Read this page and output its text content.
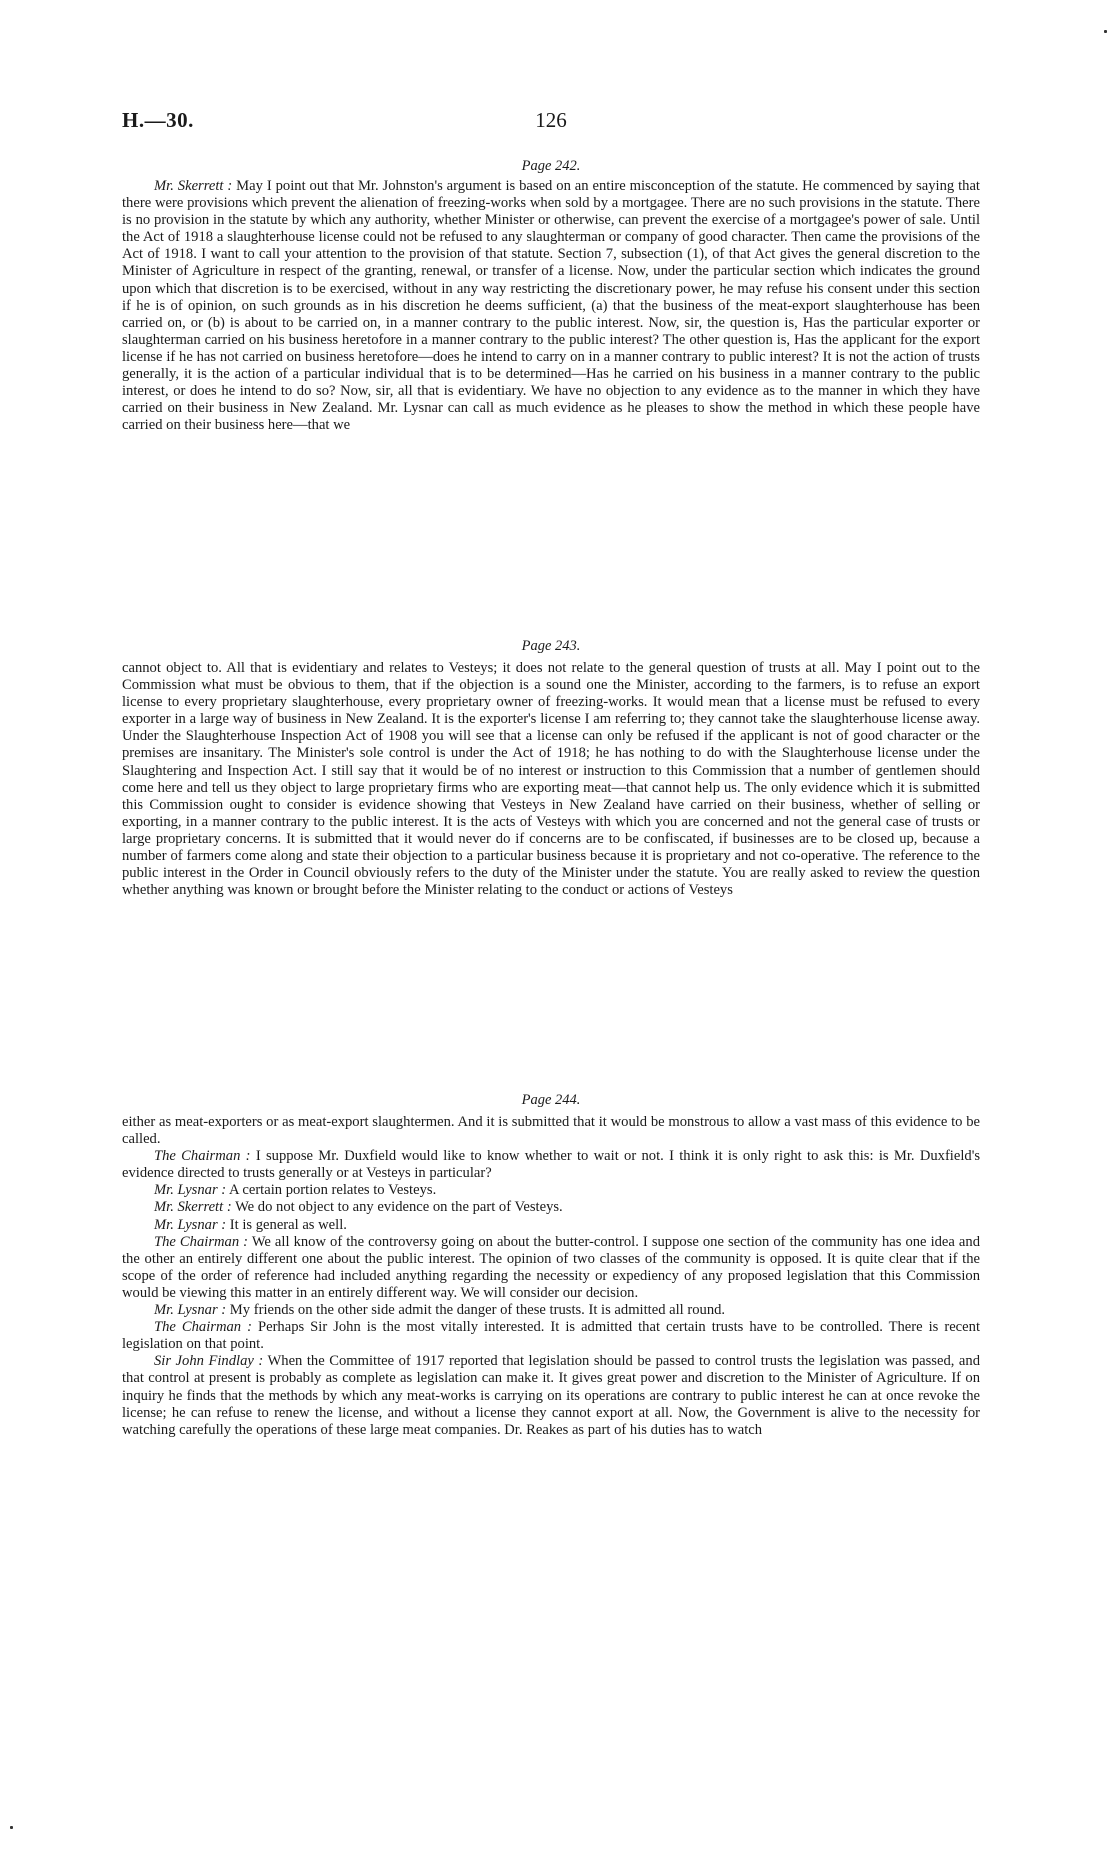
126
H.—30.
Page 242.

Mr. Skerrett : May I point out that Mr. Johnston's argument is based on an entire misconception of the statute. He commenced by saying that there were provisions which prevent the alienation of freezing-works when sold by a mortgagee. There are no such provisions in the statute. There is no provision in the statute by which any authority, whether Minister or otherwise, can prevent the exercise of a mortgagee's power of sale. Until the Act of 1918 a slaughterhouse license could not be refused to any slaughterman or company of good character. Then came the provisions of the Act of 1918. I want to call your attention to the provision of that statute. Section 7, subsection (1), of that Act gives the general discretion to the Minister of Agriculture in respect of the granting, renewal, or transfer of a license. Now, under the particular section which indicates the ground upon which that discretion is to be exercised, without in any way restricting the discretionary power, he may refuse his consent under this section if he is of opinion, on such grounds as in his discretion he deems sufficient, (a) that the business of the meat-export slaughterhouse has been carried on, or (b) is about to be carried on, in a manner contrary to the public interest. Now, sir, the question is, Has the particular exporter or slaughterman carried on his business heretofore in a manner contrary to the public interest? The other question is, Has the applicant for the export license if he has not carried on business heretofore—does he intend to carry on in a manner contrary to public interest? It is not the action of trusts generally, it is the action of a particular individual that is to be determined—Has he carried on his business in a manner contrary to the public interest, or does he intend to do so? Now, sir, all that is evidentiary. We have no objection to any evidence as to the manner in which they have carried on their business in New Zealand. Mr. Lysnar can call as much evidence as he pleases to show the method in which these people have carried on their business here—that we

Page 243.

cannot object to. All that is evidentiary and relates to Vesteys; it does not relate to the general question of trusts at all. May I point out to the Commission what must be obvious to them, that if the objection is a sound one the Minister, according to the farmers, is to refuse an export license to every proprietary slaughterhouse, every proprietary owner of freezing-works. It would mean that a license must be refused to every exporter in a large way of business in New Zealand. It is the exporter's license I am referring to; they cannot take the slaughterhouse license away. Under the Slaughterhouse Inspection Act of 1908 you will see that a license can only be refused if the applicant is not of good character or the premises are insanitary. The Minister's sole control is under the Act of 1918; he has nothing to do with the Slaughterhouse license under the Slaughtering and Inspection Act. I still say that it would be of no interest or instruction to this Commission that a number of gentlemen should come here and tell us they object to large proprietary firms who are exporting meat—that cannot help us. The only evidence which it is submitted this Commission ought to consider is evidence showing that Vesteys in New Zealand have carried on their business, whether of selling or exporting, in a manner contrary to the public interest. It is the acts of Vesteys with which you are concerned and not the general case of trusts or large proprietary concerns. It is submitted that it would never do if concerns are to be confiscated, if businesses are to be closed up, because a number of farmers come along and state their objection to a particular business because it is proprietary and not co-operative. The reference to the public interest in the Order in Council obviously refers to the duty of the Minister under the statute. You are really asked to review the question whether anything was known or brought before the Minister relating to the conduct or actions of Vesteys

Page 244.

either as meat-exporters or as meat-export slaughtermen. And it is submitted that it would be monstrous to allow a vast mass of this evidence to be called.

The Chairman : I suppose Mr. Duxfield would like to know whether to wait or not. I think it is only right to ask this: is Mr. Duxfield's evidence directed to trusts generally or at Vesteys in particular?

Mr. Lysnar : A certain portion relates to Vesteys.

Mr. Skerrett : We do not object to any evidence on the part of Vesteys.

Mr. Lysnar : It is general as well.

The Chairman : We all know of the controversy going on about the butter-control. I suppose one section of the community has one idea and the other an entirely different one about the public interest. The opinion of two classes of the community is opposed. It is quite clear that if the scope of the order of reference had included anything regarding the necessity or expediency of any proposed legislation that this Commission would be viewing this matter in an entirely different way. We will consider our decision.

Mr. Lysnar : My friends on the other side admit the danger of these trusts. It is admitted all round.

The Chairman : Perhaps Sir John is the most vitally interested. It is admitted that certain trusts have to be controlled. There is recent legislation on that point.

Sir John Findlay : When the Committee of 1917 reported that legislation should be passed to control trusts the legislation was passed, and that control at present is probably as complete as legislation can make it. It gives great power and discretion to the Minister of Agriculture. If on inquiry he finds that the methods by which any meat-works is carrying on its operations are contrary to public interest he can at once revoke the license; he can refuse to renew the license, and without a license they cannot export at all. Now, the Government is alive to the necessity for watching carefully the operations of these large meat companies. Dr. Reakes as part of his duties has to watch
